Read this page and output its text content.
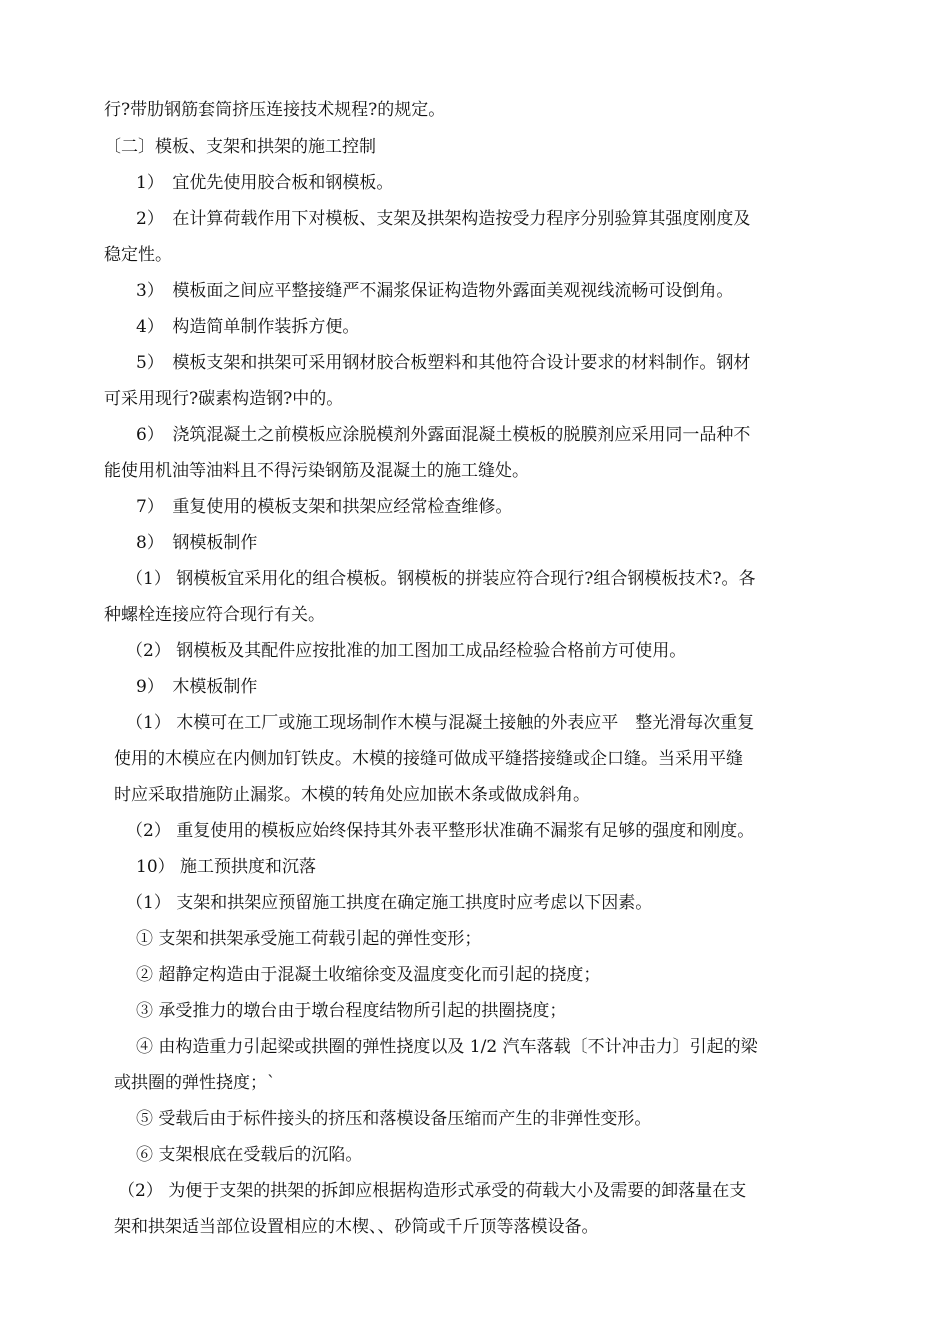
行?带肋钢筋套筒挤压连接技术规程?的规定。
〔二〕模板、支架和拱架的施工控制
1）　宜优先使用胶合板和钢模板。
2）　在计算荷载作用下对模板、支架及拱架构造按受力程序分别验算其强度刚度及
稳定性。
3）　模板面之间应平整接缝严不漏浆保证构造物外露面美观视线流畅可设倒角。
4）　构造简单制作装拆方便。
5）　模板支架和拱架可采用钢材胶合板塑料和其他符合设计要求的材料制作。钢材
可采用现行?碳素构造钢?中的。
6）　浇筑混凝土之前模板应涂脱模剂外露面混凝土模板的脱膜剂应采用同一品种不
能使用机油等油料且不得污染钢筋及混凝土的施工缝处。
7）　重复使用的模板支架和拱架应经常检查维修。
8）　钢模板制作
（1） 钢模板宜采用化的组合模板。钢模板的拼装应符合现行?组合钢模板技术?。各
种螺栓连接应符合现行有关。
（2） 钢模板及其配件应按批准的加工图加工成品经检验合格前方可使用。
9）　木模板制作
（1） 木模可在工厂或施工现场制作木模与混凝土接触的外表应平　整光滑每次重复
使用的木模应在内侧加钉铁皮。木模的接缝可做成平缝搭接缝或企口缝。当采用平缝
时应采取措施防止漏浆。木模的转角处应加嵌木条或做成斜角。
（2） 重复使用的模板应始终保持其外表平整形状准确不漏浆有足够的强度和刚度。
10） 施工预拱度和沉落
（1） 支架和拱架应预留施工拱度在确定施工拱度时应考虑以下因素。
① 支架和拱架承受施工荷载引起的弹性变形；
② 超静定构造由于混凝土收缩徐变及温度变化而引起的挠度；
③ 承受推力的墩台由于墩台程度结物所引起的拱圈挠度；
④ 由构造重力引起梁或拱圈的弹性挠度以及 1/2 汽车落载〔不计冲击力〕引起的梁
或拱圈的弹性挠度；`
⑤ 受载后由于标件接头的挤压和落模设备压缩而产生的非弹性变形。
⑥ 支架根底在受载后的沉陷。
（2） 为便于支架的拱架的拆卸应根据构造形式承受的荷载大小及需要的卸落量在支
架和拱架适当部位设置相应的木楔、、砂筒或千斤顶等落模设备。
